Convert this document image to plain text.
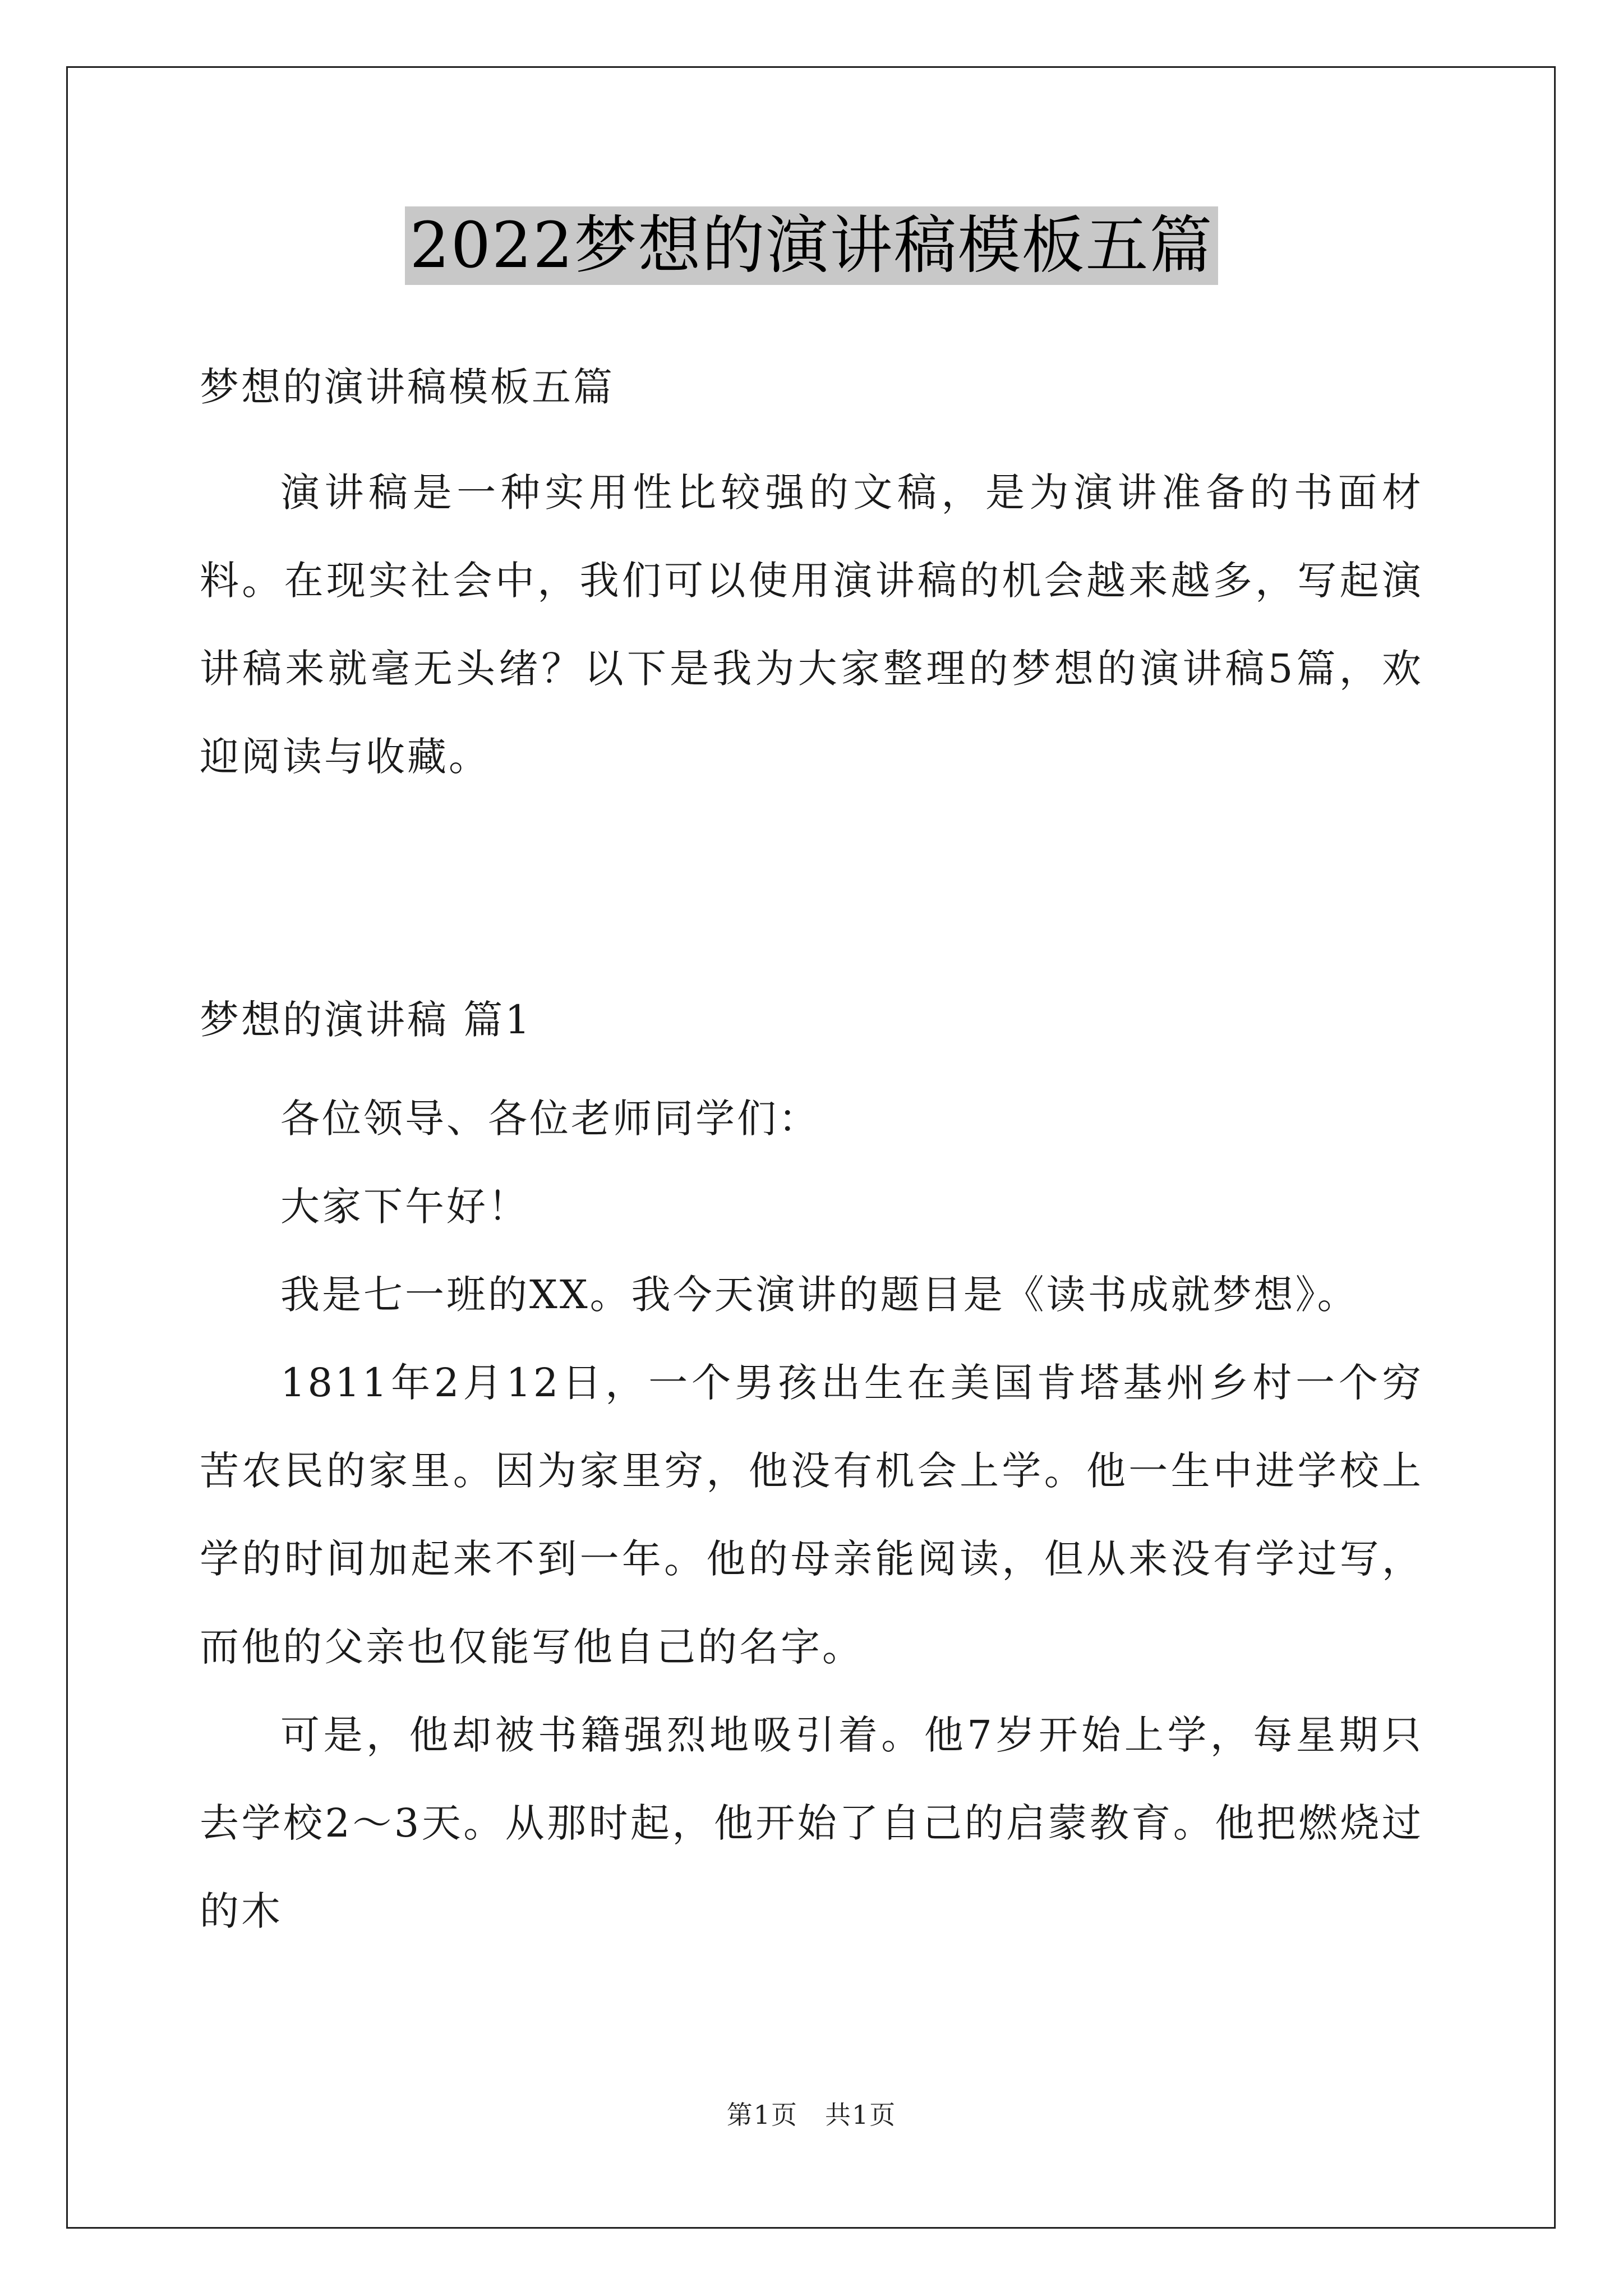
2022梦想的演讲稿模板五篇
梦想的演讲稿模板五篇

演讲稿是一种实用性比较强的文稿，是为演讲准备的书面材料。在现实社会中，我们可以使用演讲稿的机会越来越多，写起演讲稿来就毫无头绪？以下是我为大家整理的梦想的演讲稿5篇，欢迎阅读与收藏。

梦想的演讲稿 篇1

各位领导、各位老师同学们：

大家下午好！

我是七一班的XX。我今天演讲的题目是《读书成就梦想》。

1811年2月12日，一个男孩出生在美国肯塔基州乡村一个穷苦农民的家里。因为家里穷，他没有机会上学。他一生中进学校上学的时间加起来不到一年。他的母亲能阅读，但从来没有学过写，而他的父亲也仅能写他自己的名字。

可是，他却被书籍强烈地吸引着。他7岁开始上学，每星期只去学校2～3天。从那时起，他开始了自己的启蒙教育。他把燃烧过的木

第1页 共1页
